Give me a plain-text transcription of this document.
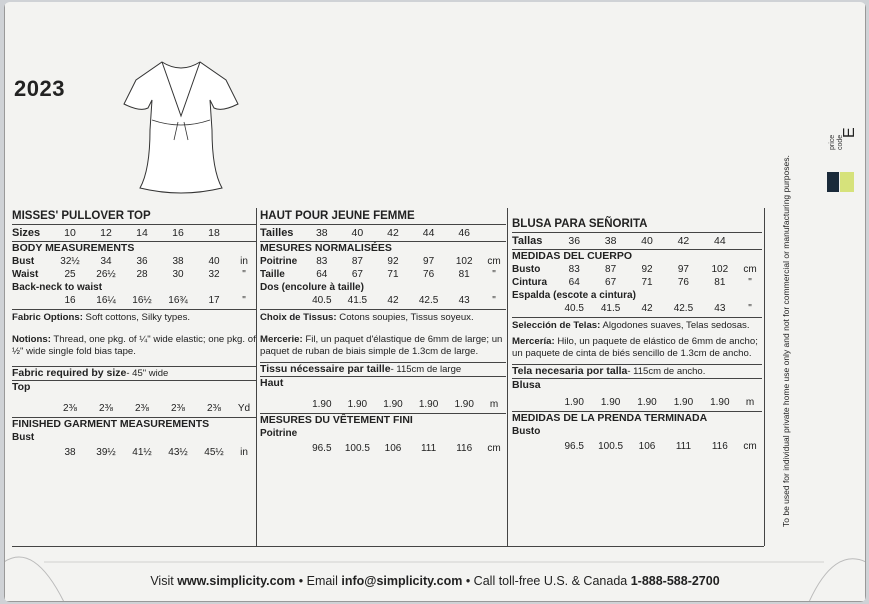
2023
MISSES' PULLOVER TOP
Sizes	10	12	14	16	18
BODY MEASUREMENTS
Bust	32½	34	36	38	40	in
Waist	25	26½	28	30	32	"
Back-neck to waist
16	16¼	16½	16¾	17	"
Fabric Options: Soft cottons, Silky types.
Notions: Thread, one pkg. of ¼" wide elastic; one pkg. of ½" wide single fold bias tape.
Fabric required by size- 45" wide
Top
2⅜	2⅜	2⅜	2⅜	2⅜	Yd
FINISHED GARMENT MEASUREMENTS
Bust
38	39½	41½	43½	45½	in
HAUT POUR JEUNE FEMME
Tailles	38	40	42	44	46
MESURES NORMALISÉES
Poitrine	83	87	92	97	102	cm
Taille	64	67	71	76	81	"
Dos (encolure à taille)
40.5	41.5	42	42.5	43	"
Choix de Tissus: Cotons soupies, Tissus soyeux.
Mercerie: Fil, un paquet d'élastique de 6mm de large; un paquet de ruban de biais simple de 1.3cm de large.
Tissu nécessaire par taille- 115cm de large
Haut
1.90	1.90	1.90	1.90	1.90	m
MESURES DU VÊTEMENT FINI
Poitrine
96.5	100.5	106	111	116	cm
BLUSA PARA SEÑORITA
Tallas	36	38	40	42	44
MEDIDAS DEL CUERPO
Busto	83	87	92	97	102	cm
Cintura	64	67	71	76	81	"
Espalda (escote a cintura)
40.5	41.5	42	42.5	43	"
Selección de Telas: Algodones suaves, Telas sedosas.
Mercería: Hilo, un paquete de elástico de 6mm de ancho; un paquete de cinta de biés sencillo de 1.3cm de ancho.
Tela necesaria por talla- 115cm de ancho.
Blusa
1.90	1.90	1.90	1.90	1.90	m
MEDIDAS DE LA PRENDA TERMINADA
Busto
96.5	100.5	106	111	116	cm	To be used for individual private home use only and not for commercial or manufacturing purposes.
price code
E
Visit www.simplicity.com • Email info@simplicity.com • Call toll-free U.S. & Canada 1-888-588-2700
